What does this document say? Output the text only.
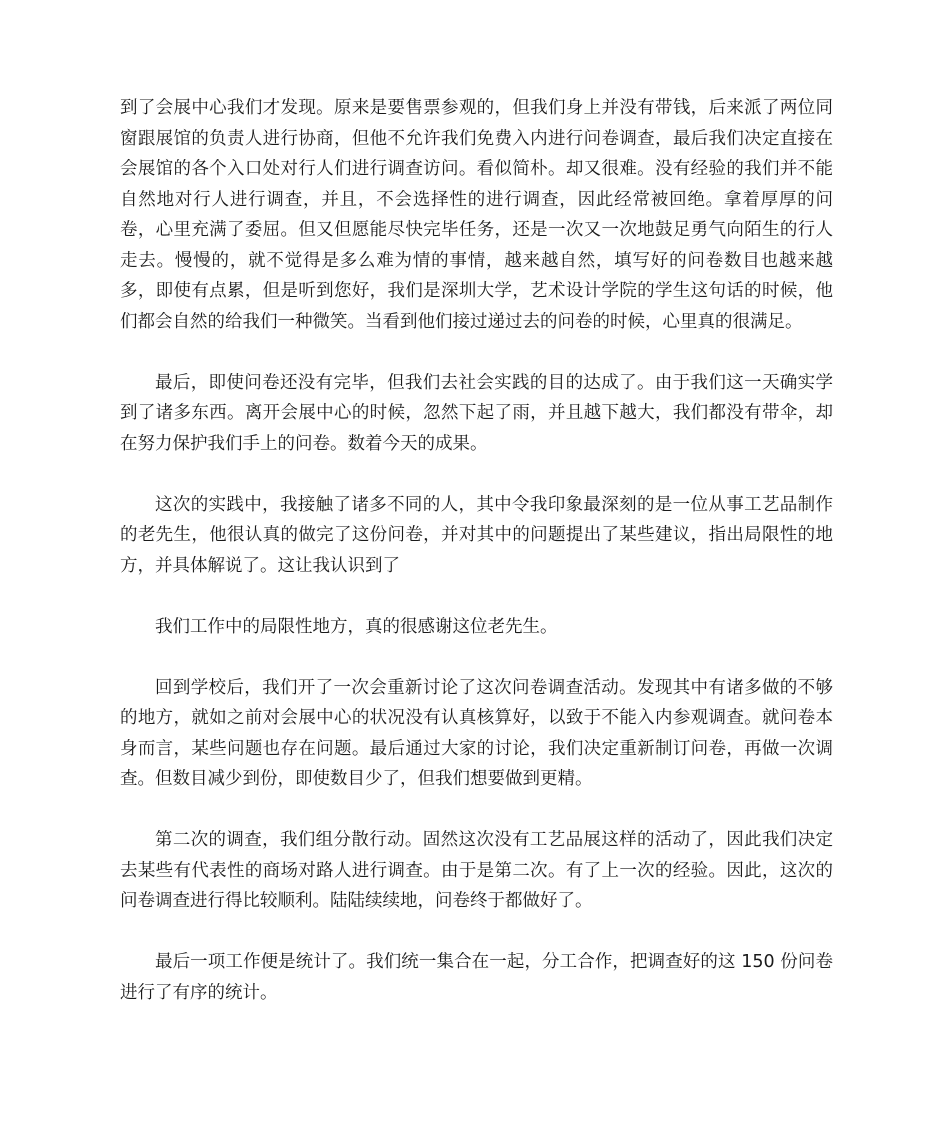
到了会展中心我们才发现。原来是要售票参观的，但我们身上并没有带钱，后来派了两位同窗跟展馆的负责人进行协商，但他不允许我们免费入内进行问卷调查，最后我们决定直接在会展馆的各个入口处对行人们进行调查访问。看似简朴。却又很难。没有经验的我们并不能自然地对行人进行调查，并且，不会选择性的进行调查，因此经常被回绝。拿着厚厚的问卷，心里充满了委屈。但又但愿能尽快完毕任务，还是一次又一次地鼓足勇气向陌生的行人走去。慢慢的，就不觉得是多么难为情的事情，越来越自然，填写好的问卷数目也越来越多，即使有点累，但是听到您好，我们是深圳大学，艺术设计学院的学生这句话的时候，他们都会自然的给我们一种微笑。当看到他们接过递过去的问卷的时候，心里真的很满足。

最后，即使问卷还没有完毕，但我们去社会实践的目的达成了。由于我们这一天确实学到了诸多东西。离开会展中心的时候，忽然下起了雨，并且越下越大，我们都没有带伞，却在努力保护我们手上的问卷。数着今天的成果。

这次的实践中，我接触了诸多不同的人，其中令我印象最深刻的是一位从事工艺品制作的老先生，他很认真的做完了这份问卷，并对其中的问题提出了某些建议，指出局限性的地方，并具体解说了。这让我认识到了

我们工作中的局限性地方，真的很感谢这位老先生。

回到学校后，我们开了一次会重新讨论了这次问卷调查活动。发现其中有诸多做的不够的地方，就如之前对会展中心的状况没有认真核算好，以致于不能入内参观调查。就问卷本身而言，某些问题也存在问题。最后通过大家的讨论，我们决定重新制订问卷，再做一次调查。但数目减少到份，即使数目少了，但我们想要做到更精。

第二次的调查，我们组分散行动。固然这次没有工艺品展这样的活动了，因此我们决定去某些有代表性的商场对路人进行调查。由于是第二次。有了上一次的经验。因此，这次的问卷调查进行得比较顺利。陆陆续续地，问卷终于都做好了。

最后一项工作便是统计了。我们统一集合在一起，分工合作，把调查好的这 150 份问卷进行了有序的统计。
